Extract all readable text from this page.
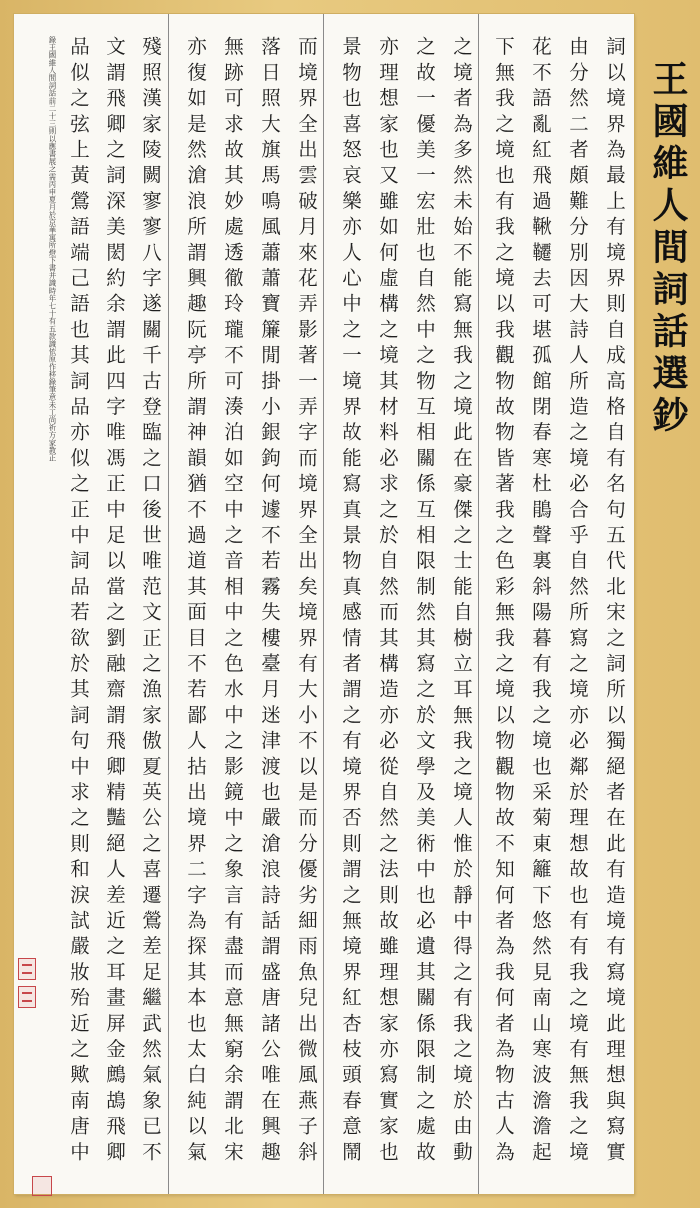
詞以境界為最上有境界則自成高格自有名句五代北宋之詞所以獨絕者在此有造境有寫境此理想與寫實
由分然二者頗難分別因大詩人所造之境必合乎自然所寫之境亦必鄰於理想故也有有我之境有無我之境
花不語亂紅飛過鞦韆去可堪孤館閉春寒杜鵑聲裏斜陽暮有我之境也采菊東籬下悠然見南山寒波澹澹起
下無我之境也有我之境以我觀物故物皆著我之色彩無我之境以物觀物故不知何者為我何者為物古人為
之境者為多然未始不能寫無我之境此在豪傑之士能自樹立耳無我之境人惟於靜中得之有我之境於由動
之故一優美一宏壯也自然中之物互相關係互相限制然其寫之於文學及美術中也必遺其關係限制之處故
亦理想家也又雖如何虛構之境其材料必求之於自然而其構造亦必從自然之法則故雖理想家亦寫實家也
景物也喜怒哀樂亦人心中之一境界故能寫真景物真感情者謂之有境界否則謂之無境界紅杏枝頭春意鬧
而境界全出雲破月來花弄影著一弄字而境界全出矣境界有大小不以是而分優劣細雨魚兒出微風燕子斜
落日照大旗馬鳴風蕭蕭寶簾閒掛小銀鉤何遽不若霧失樓臺月迷津渡也嚴滄浪詩話謂盛唐諸公唯在興趣
無跡可求故其妙處透徹玲瓏不可湊泊如空中之音相中之色水中之影鏡中之象言有盡而意無窮余謂北宋
亦復如是然滄浪所謂興趣阮亭所謂神韻猶不過道其面目不若鄙人拈出境界二字為探其本也太白純以氣
殘照漢家陵闕寥寥八字遂關千古登臨之口後世唯范文正之漁家傲夏英公之喜遷鶯差足繼武然氣象已不
文謂飛卿之詞深美閎約余謂此四字唯馮正中足以當之劉融齋謂飛卿精豔絕人差近之耳畫屏金鷓鴣飛卿
品似之弦上黃鶯語端己語也其詞品亦似之正中詞品若欲於其詞句中求之則和淚試嚴妝殆近之歟南唐中
錄王國維人間詞話前二十三則以應書展之需丙申夏月於京華寓所燈下書并識時年七十有五款識依原作移錄筆意未工尚祈方家教正	王國維人間詞話選鈔
